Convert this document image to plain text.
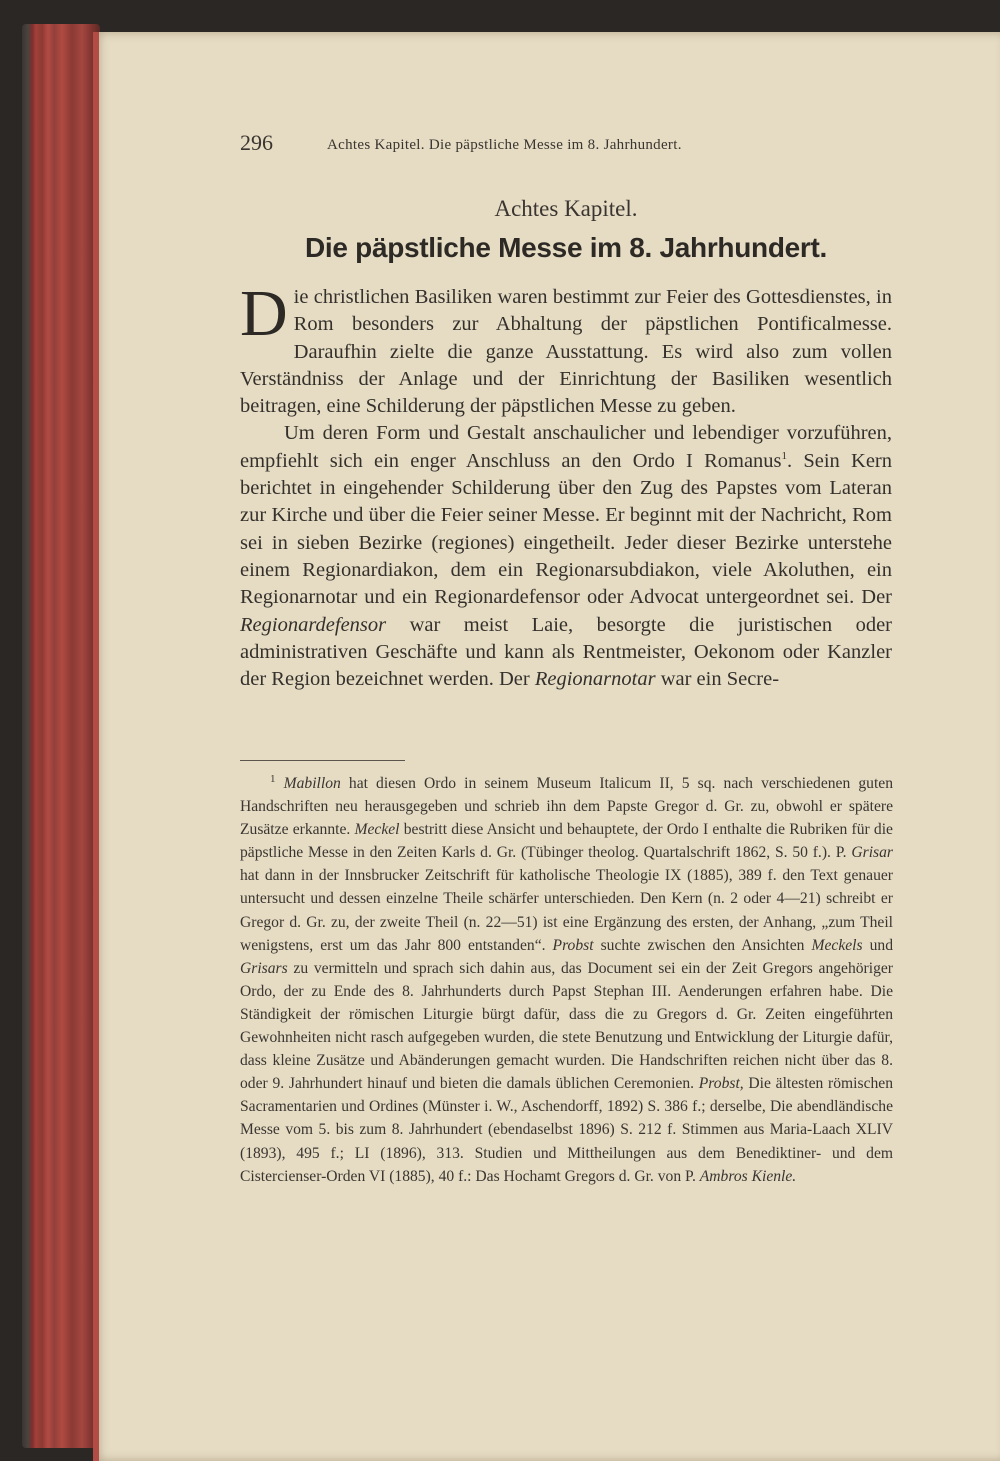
296	Achtes Kapitel. Die päpstliche Messe im 8. Jahrhundert.
Achtes Kapitel.
Die päpstliche Messe im 8. Jahrhundert.

Die christlichen Basiliken waren bestimmt zur Feier des Gottesdienstes, in Rom besonders zur Abhaltung der päpstlichen Pontificalmesse. Daraufhin zielte die ganze Ausstattung. Es wird also zum vollen Verständniss der Anlage und der Einrichtung der Basiliken wesentlich beitragen, eine Schilderung der päpstlichen Messe zu geben.

Um deren Form und Gestalt anschaulicher und lebendiger vorzuführen, empfiehlt sich ein enger Anschluss an den Ordo I Romanus$^1$. Sein Kern berichtet in eingehender Schilderung über den Zug des Papstes vom Lateran zur Kirche und über die Feier seiner Messe. Er beginnt mit der Nachricht, Rom sei in sieben Bezirke (regiones) eingetheilt. Jeder dieser Bezirke unterstehe einem Regionardiakon, dem ein Regionarsubdiakon, viele Akoluthen, ein Regionarnotar und ein Regionardefensor oder Advocat untergeordnet sei. Der Regionardefensor war meist Laie, besorgte die juristischen oder administrativen Geschäfte und kann als Rentmeister, Oekonom oder Kanzler der Region bezeichnet werden. Der Regionarnotar war ein Secre-

$^1$ Mabillon hat diesen Ordo in seinem Museum Italicum II, 5 sq. nach verschiedenen guten Handschriften neu herausgegeben und schrieb ihn dem Papste Gregor d. Gr. zu, obwohl er spätere Zusätze erkannte. Meckel bestritt diese Ansicht und behauptete, der Ordo I enthalte die Rubriken für die päpstliche Messe in den Zeiten Karls d. Gr. (Tübinger theolog. Quartalschrift 1862, S. 50 f.). P. Grisar hat dann in der Innsbrucker Zeitschrift für katholische Theologie IX (1885), 389 f. den Text genauer untersucht und dessen einzelne Theile schärfer unterschieden. Den Kern (n. 2 oder 4—21) schreibt er Gregor d. Gr. zu, der zweite Theil (n. 22—51) ist eine Ergänzung des ersten, der Anhang, „zum Theil wenigstens, erst um das Jahr 800 entstanden“. Probst suchte zwischen den Ansichten Meckels und Grisars zu vermitteln und sprach sich dahin aus, das Document sei ein der Zeit Gregors angehöriger Ordo, der zu Ende des 8. Jahrhunderts durch Papst Stephan III. Aenderungen erfahren habe. Die Ständigkeit der römischen Liturgie bürgt dafür, dass die zu Gregors d. Gr. Zeiten eingeführten Gewohnheiten nicht rasch aufgegeben wurden, die stete Benutzung und Entwicklung der Liturgie dafür, dass kleine Zusätze und Abänderungen gemacht wurden. Die Handschriften reichen nicht über das 8. oder 9. Jahrhundert hinauf und bieten die damals üblichen Ceremonien. Probst, Die ältesten römischen Sacramentarien und Ordines (Münster i. W., Aschendorff, 1892) S. 386 f.; derselbe, Die abendländische Messe vom 5. bis zum 8. Jahrhundert (ebendaselbst 1896) S. 212 f. Stimmen aus Maria-Laach XLIV (1893), 495 f.; LI (1896), 313. Studien und Mittheilungen aus dem Benediktiner- und dem Cistercienser-Orden VI (1885), 40 f.: Das Hochamt Gregors d. Gr. von P. Ambros Kienle.
